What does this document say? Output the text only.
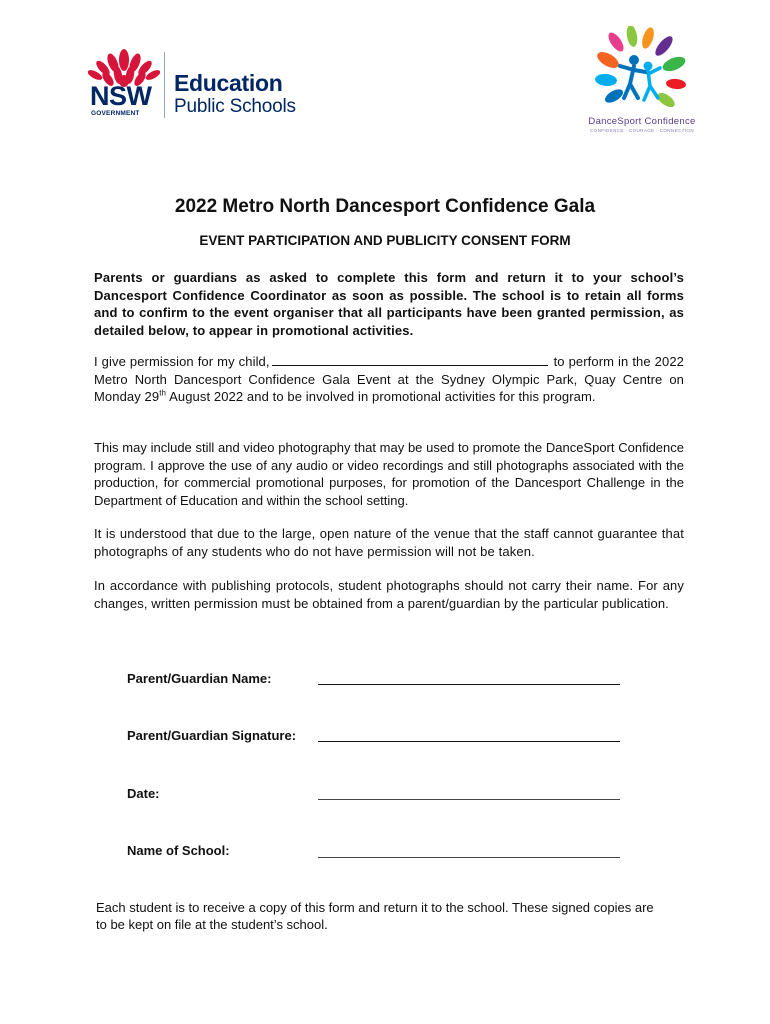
NSW
GOVERNMENT
Education
Public Schools
DanceSport Confidence
CONFIDENCE · COURAGE · CONNECTION
2022 Metro North Dancesport Confidence Gala
EVENT PARTICIPATION AND PUBLICITY CONSENT FORM

Parents or guardians as asked to complete this form and return it to your school’s Dancesport Confidence Coordinator as soon as possible. The school is to retain all forms and to confirm to the event organiser that all participants have been granted permission, as detailed below, to appear in promotional activities.

I give permission for my child,	to perform in the 2022 Metro North Dancesport Confidence Gala Event at the Sydney Olympic Park, Quay Centre on Monday 29th August 2022 and to be involved in promotional activities for this program.

This may include still and video photography that may be used to promote the DanceSport Confidence program. I approve the use of any audio or video recordings and still photographs associated with the production, for commercial promotional purposes, for promotion of the Dancesport Challenge in the Department of Education and within the school setting.

It is understood that due to the large, open nature of the venue that the staff cannot guarantee that photographs of any students who do not have permission will not be taken.

In accordance with publishing protocols, student photographs should not carry their name. For any changes, written permission must be obtained from a parent/guardian by the particular publication.

Parent/Guardian Name:
Parent/Guardian Signature:
Date:
Name of School:

Each student is to receive a copy of this form and return it to the school. These signed copies are to be kept on file at the student’s school.
